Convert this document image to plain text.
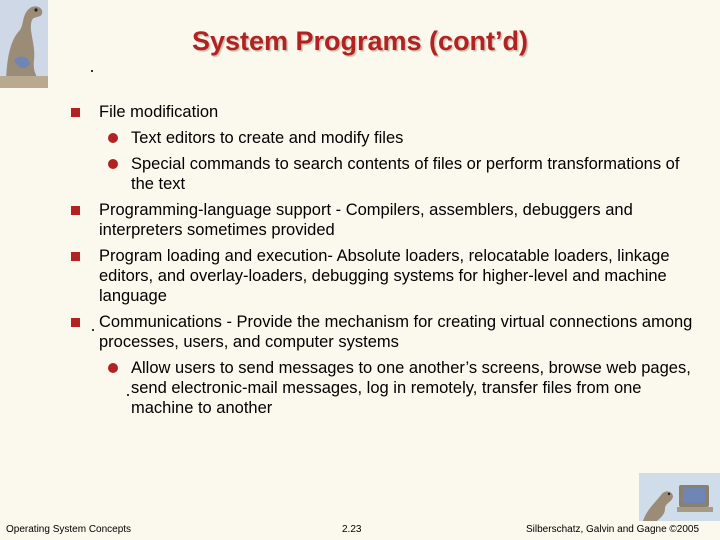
System Programs (cont’d)
File modification
Text editors to create and modify files
Special commands to search contents of files or perform transformations of the text
Programming-language support - Compilers, assemblers, debuggers and interpreters sometimes provided
Program loading and execution- Absolute loaders, relocatable loaders, linkage editors, and overlay-loaders, debugging systems for higher-level and machine language
Communications - Provide the mechanism for creating virtual connections among processes, users, and computer systems
Allow users to send messages to one another’s screens, browse web pages, send electronic-mail messages, log in remotely, transfer files from one machine to another
Operating System Concepts	2.23	Silberschatz, Galvin and Gagne ©2005
